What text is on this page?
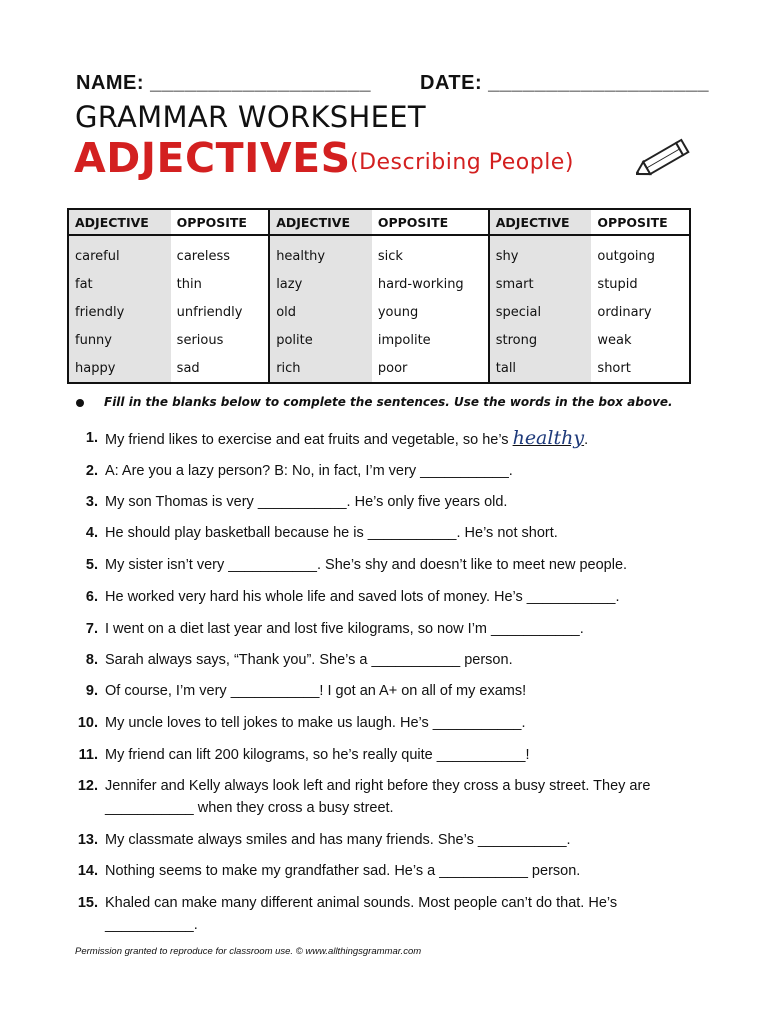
NAME: ___________________ DATE: ___________________
GRAMMAR WORKSHEET
ADJECTIVES (Describing People)
ADJECTIVE	OPPOSITE	ADJECTIVE	OPPOSITE	ADJECTIVE	OPPOSITE
careful	careless	healthy	sick	shy	outgoing
fat	thin	lazy	hard-working	smart	stupid
friendly	unfriendly	old	young	special	ordinary
funny	serious	polite	impolite	strong	weak
happy	sad	rich	poor	tall	short
Fill in the blanks below to complete the sentences. Use the words in the box above.
1. My friend likes to exercise and eat fruits and vegetable, so he’s healthy.
2. A: Are you a lazy person? B: No, in fact, I’m very ___________.
3. My son Thomas is very ___________. He’s only five years old.
4. He should play basketball because he is ___________. He’s not short.
5. My sister isn’t very ___________. She’s shy and doesn’t like to meet new people.
6. He worked very hard his whole life and saved lots of money. He’s ___________.
7. I went on a diet last year and lost five kilograms, so now I’m ___________.
8. Sarah always says, “Thank you”. She’s a ___________ person.
9. Of course, I’m very ___________! I got an A+ on all of my exams!
10. My uncle loves to tell jokes to make us laugh. He’s ___________.
11. My friend can lift 200 kilograms, so he’s really quite ___________!
12. Jennifer and Kelly always look left and right before they cross a busy street. They are ___________ when they cross a busy street.
13. My classmate always smiles and has many friends. She’s ___________.
14. Nothing seems to make my grandfather sad. He’s a ___________ person.
15. Khaled can make many different animal sounds. Most people can’t do that. He’s ___________.
Permission granted to reproduce for classroom use. © www.allthingsgrammar.com
